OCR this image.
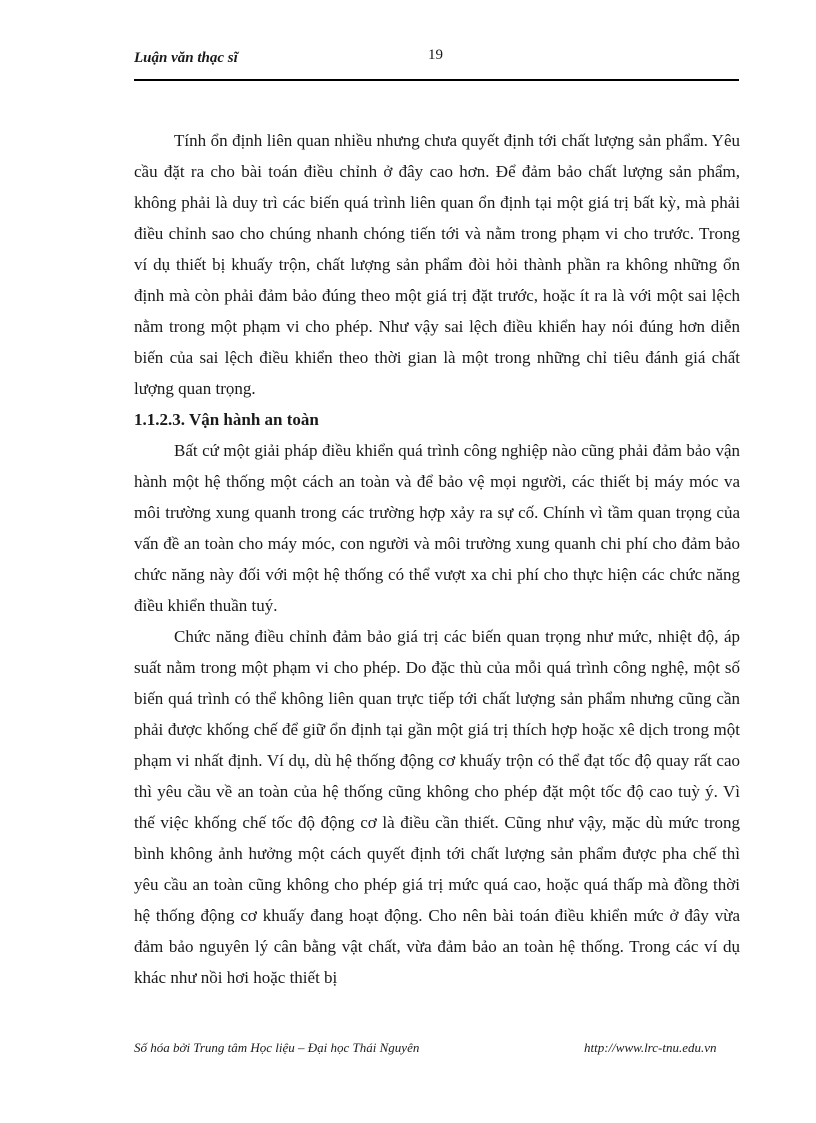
Luận văn thạc sĩ	19

Tính ổn định liên quan nhiều nhưng chưa quyết định tới chất lượng sản phẩm. Yêu cầu đặt ra cho bài toán điều chỉnh ở đây cao hơn. Để đảm bảo chất lượng sản phẩm, không phải là duy trì các biến quá trình liên quan ổn định tại một giá trị bất kỳ, mà phải điều chỉnh sao cho chúng nhanh chóng tiến tới và nằm trong phạm vi cho trước. Trong ví dụ thiết bị khuấy trộn, chất lượng sản phẩm đòi hỏi thành phần ra không những ổn định mà còn phải đảm bảo đúng theo một giá trị đặt trước, hoặc ít ra là với một sai lệch nằm trong một phạm vi cho phép. Như vậy sai lệch điều khiển hay nói đúng hơn diễn biến của sai lệch điều khiển theo thời gian là một trong những chỉ tiêu đánh giá chất lượng quan trọng.

1.1.2.3. Vận hành an toàn

Bất cứ một giải pháp điều khiển quá trình công nghiệp nào cũng phải đảm bảo vận hành một hệ thống một cách an toàn và để bảo vệ mọi người, các thiết bị máy móc va môi trường xung quanh trong các trường hợp xảy ra sự cố. Chính vì tầm quan trọng của vấn đề an toàn cho máy móc, con người và môi trường xung quanh chi phí cho đảm bảo chức năng này đối với một hệ thống có thể vượt xa chi phí cho thực hiện các chức năng điều khiển thuần tuý.

Chức năng điều chỉnh đảm bảo giá trị các biến quan trọng như mức, nhiệt độ, áp suất nằm trong một phạm vi cho phép. Do đặc thù của mỗi quá trình công nghệ, một số biến quá trình có thể không liên quan trực tiếp tới chất lượng sản phẩm nhưng cũng cần phải được khống chế để giữ ổn định tại gần một giá trị thích hợp hoặc xê dịch trong một phạm vi nhất định. Ví dụ, dù hệ thống động cơ khuấy trộn có thể đạt tốc độ quay rất cao thì yêu cầu về an toàn của hệ thống cũng không cho phép đặt một tốc độ cao tuỳ ý. Vì thế việc khống chế tốc độ động cơ là điều cần thiết. Cũng như vậy, mặc dù mức trong bình không ảnh hưởng một cách quyết định tới chất lượng sản phẩm được pha chế thì yêu cầu an toàn cũng không cho phép giá trị mức quá cao, hoặc quá thấp mà đồng thời hệ thống động cơ khuấy đang hoạt động. Cho nên bài toán điều khiển mức ở đây vừa đảm bảo nguyên lý cân bằng vật chất, vừa đảm bảo an toàn hệ thống. Trong các ví dụ khác như nồi hơi hoặc thiết bị

Số hóa bởi Trung tâm Học liệu – Đại học Thái Nguyên	http://www.lrc-tnu.edu.vn
